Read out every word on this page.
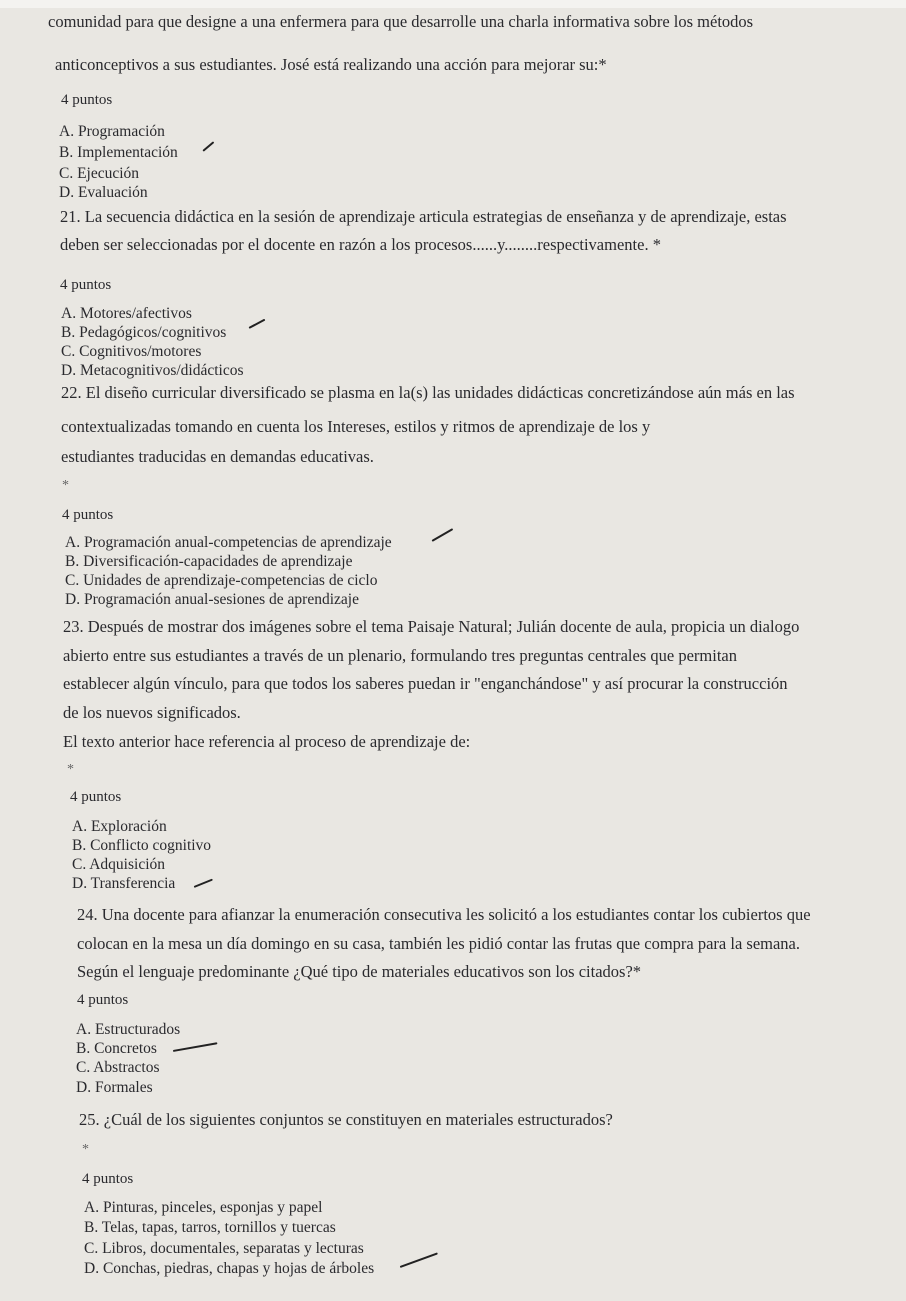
comunidad para que designe a una enfermera para que desarrolle una charla informativa sobre los métodos
anticonceptivos a sus estudiantes. José está realizando una acción para mejorar su:*
4 puntos
A. Programación
B. Implementación
C. Ejecución
D. Evaluación
21. La secuencia didáctica en la sesión de aprendizaje articula estrategias de enseñanza y de aprendizaje, estas
deben ser seleccionadas por el docente en razón a los procesos......y........respectivamente. *
4 puntos
A. Motores/afectivos
B. Pedagógicos/cognitivos
C. Cognitivos/motores
D. Metacognitivos/didácticos
22. El diseño curricular diversificado se plasma en la(s) las unidades didácticas concretizándose aún más en las
contextualizadas tomando en cuenta los Intereses, estilos y ritmos de aprendizaje de los y
estudiantes traducidas en demandas educativas.
*
4 puntos
A. Programación anual-competencias de aprendizaje
B. Diversificación-capacidades de aprendizaje
C. Unidades de aprendizaje-competencias de ciclo
D. Programación anual-sesiones de aprendizaje
23. Después de mostrar dos imágenes sobre el tema Paisaje Natural; Julián docente de aula, propicia un dialogo
abierto entre sus estudiantes a través de un plenario, formulando tres preguntas centrales que permitan
establecer algún vínculo, para que todos los saberes puedan ir "enganchándose" y así procurar la construcción
de los nuevos significados.
El texto anterior hace referencia al proceso de aprendizaje de:
*
4 puntos
A. Exploración
B. Conflicto cognitivo
C. Adquisición
D. Transferencia
24. Una docente para afianzar la enumeración consecutiva les solicitó a los estudiantes contar los cubiertos que
colocan en la mesa un día domingo en su casa, también les pidió contar las frutas que compra para la semana.
Según el lenguaje predominante ¿Qué tipo de materiales educativos son los citados?*
4 puntos
A. Estructurados
B. Concretos
C. Abstractos
D. Formales
25. ¿Cuál de los siguientes conjuntos se constituyen en materiales estructurados?
*
4 puntos
A. Pinturas, pinceles, esponjas y papel
B. Telas, tapas, tarros, tornillos y tuercas
C. Libros, documentales, separatas y lecturas
D. Conchas, piedras, chapas y hojas de árboles
